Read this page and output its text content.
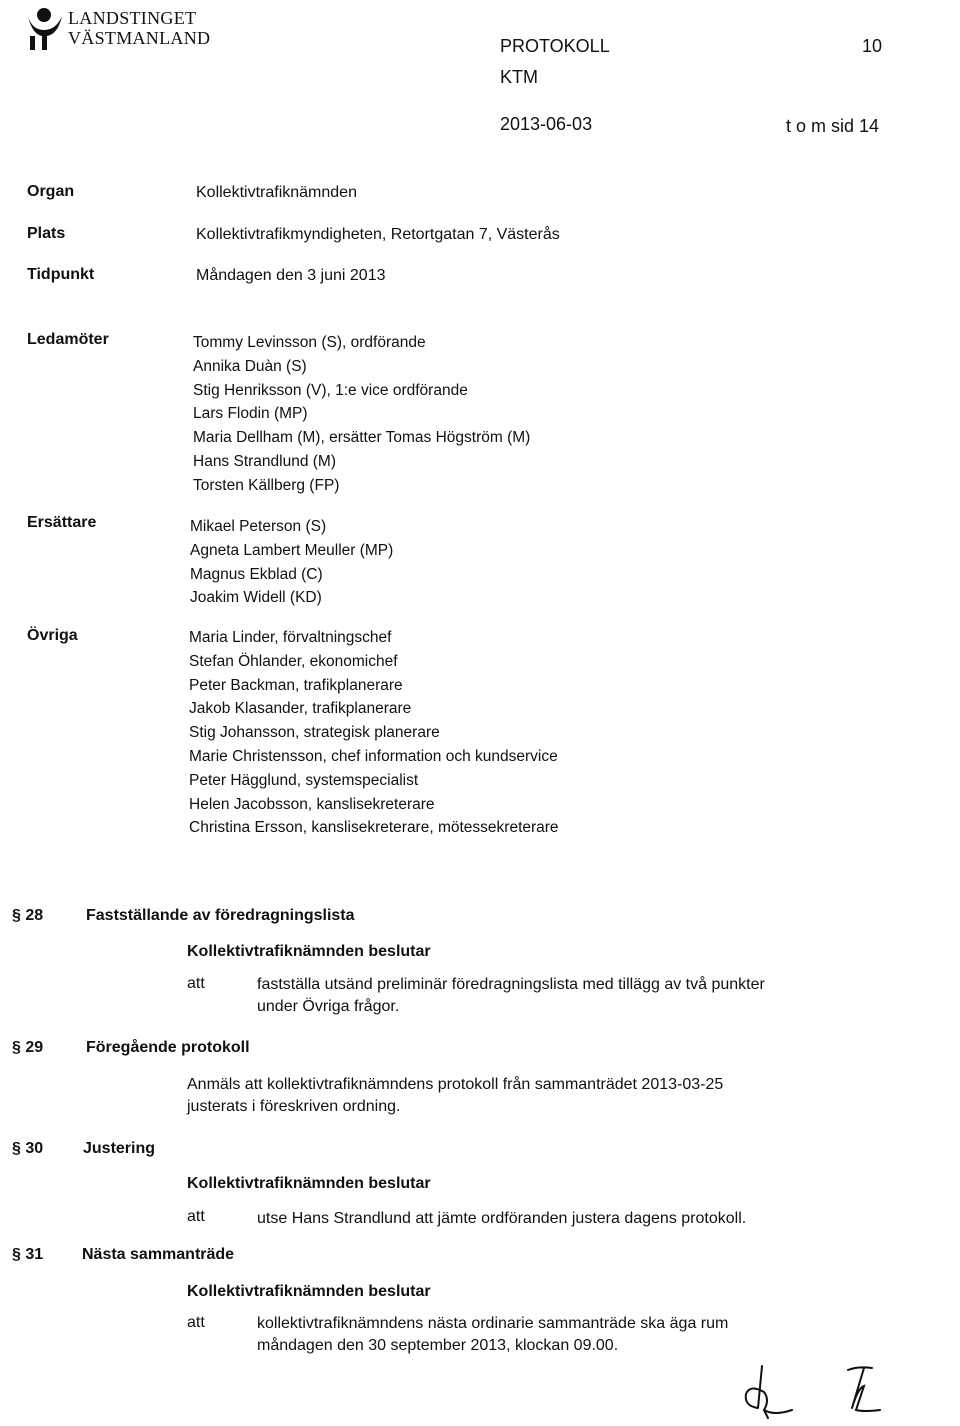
LANDSTINGET
VÄSTMANLAND	PROTOKOLL	10
KTM
2013-06-03	t o m sid 14
Organ	Kollektivtrafiknämnden
Plats	Kollektivtrafikmyndigheten, Retortgatan 7, Västerås
Tidpunkt	Måndagen den 3 juni 2013
Ledamöter	Tommy Levinsson (S), ordförande
Annika Duàn (S)
Stig Henriksson (V), 1:e vice ordförande
Lars Flodin (MP)
Maria Dellham (M), ersätter Tomas Högström (M)
Hans Strandlund (M)
Torsten Källberg (FP)
Ersättare	Mikael Peterson (S)
Agneta Lambert Meuller (MP)
Magnus Ekblad (C)
Joakim Widell (KD)
Övriga	Maria Linder, förvaltningschef
Stefan Öhlander, ekonomichef
Peter Backman, trafikplanerare
Jakob Klasander, trafikplanerare
Stig Johansson, strategisk planerare
Marie Christensson, chef information och kundservice
Peter Hägglund, systemspecialist
Helen Jacobsson, kanslisekreterare
Christina Ersson, kanslisekreterare, mötessekreterare
§ 28	Fastställande av föredragningslista
Kollektivtrafiknämnden beslutar
att	fastställa utsänd preliminär föredragningslista med tillägg av två punkter
under Övriga frågor.
§ 29	Föregående protokoll
Anmäls att kollektivtrafiknämndens protokoll från sammanträdet 2013-03-25
justerats i föreskriven ordning.
§ 30 Justering
Kollektivtrafiknämnden beslutar
att	utse Hans Strandlund att jämte ordföranden justera dagens protokoll.
§ 31 Nästa sammanträde
Kollektivtrafiknämnden beslutar
att	kollektivtrafiknämndens nästa ordinarie sammanträde ska äga rum
måndagen den 30 september 2013, klockan 09.00.
